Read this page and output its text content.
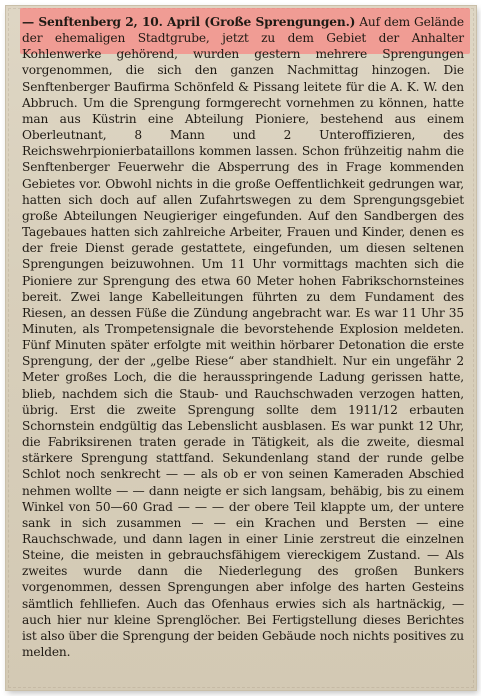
— Senftenberg 2, 10. April (Große Sprengungen.) Auf dem Gelände der ehemaligen Stadtgrube, jetzt zu dem Gebiet der Anhalter Kohlenwerke gehörend, wurden gestern mehrere Sprengungen vorgenommen, die sich den ganzen Nachmittag hinzogen. Die Senftenberger Baufirma Schönfeld & Pissang leitete für die A. K. W. den Abbruch. Um die Sprengung formgerecht vornehmen zu können, hatte man aus Küstrin eine Abteilung Pioniere, bestehend aus einem Oberleutnant, 8 Mann und 2 Unteroffizieren, des Reichswehrpionierbataillons kommen lassen. Schon frühzeitig nahm die Senftenberger Feuerwehr die Absperrung des in Frage kommenden Gebietes vor. Obwohl nichts in die große Oeffentlichkeit gedrungen war, hatten sich doch auf allen Zufahrtswegen zu dem Sprengungsgebiet große Abteilungen Neugieriger eingefunden. Auf den Sandbergen des Tagebaues hatten sich zahlreiche Arbeiter, Frauen und Kinder, denen es der freie Dienst gerade gestattete, eingefunden, um diesen seltenen Sprengungen beizuwohnen. Um 11 Uhr vormittags machten sich die Pioniere zur Sprengung des etwa 60 Meter hohen Fabrikschornsteines bereit. Zwei lange Kabelleitungen führten zu dem Fundament des Riesen, an dessen Füße die Zündung angebracht war. Es war 11 Uhr 35 Minuten, als Trompetensignale die bevorstehende Explosion meldeten. Fünf Minuten später erfolgte mit weithin hörbarer Detonation die erste Sprengung, der der „gelbe Riese“ aber standhielt. Nur ein ungefähr 2 Meter großes Loch, die die herausspringende Ladung gerissen hatte, blieb, nachdem sich die Staub- und Rauchschwaden verzogen hatten, übrig. Erst die zweite Sprengung sollte dem 1911/12 erbauten Schornstein endgültig das Lebenslicht ausblasen. Es war punkt 12 Uhr, die Fabriksirenen traten gerade in Tätigkeit, als die zweite, diesmal stärkere Sprengung stattfand. Sekundenlang stand der runde gelbe Schlot noch senkrecht — — als ob er von seinen Kameraden Abschied nehmen wollte — — dann neigte er sich langsam, behäbig, bis zu einem Winkel von 50—60 Grad — — — der obere Teil klappte um, der untere sank in sich zusammen — — ein Krachen und Bersten — eine Rauchschwade, und dann lagen in einer Linie zerstreut die einzelnen Steine, die meisten in gebrauchsfähigem viereckigem Zustand. — Als zweites wurde dann die Niederlegung des großen Bunkers vorgenommen, dessen Sprengungen aber infolge des harten Gesteins sämtlich fehlliefen. Auch das Ofenhaus erwies sich als hartnäckig, — auch hier nur kleine Sprenglöcher. Bei Fertigstellung dieses Berichtes ist also über die Sprengung der beiden Gebäude noch nichts positives zu melden.
